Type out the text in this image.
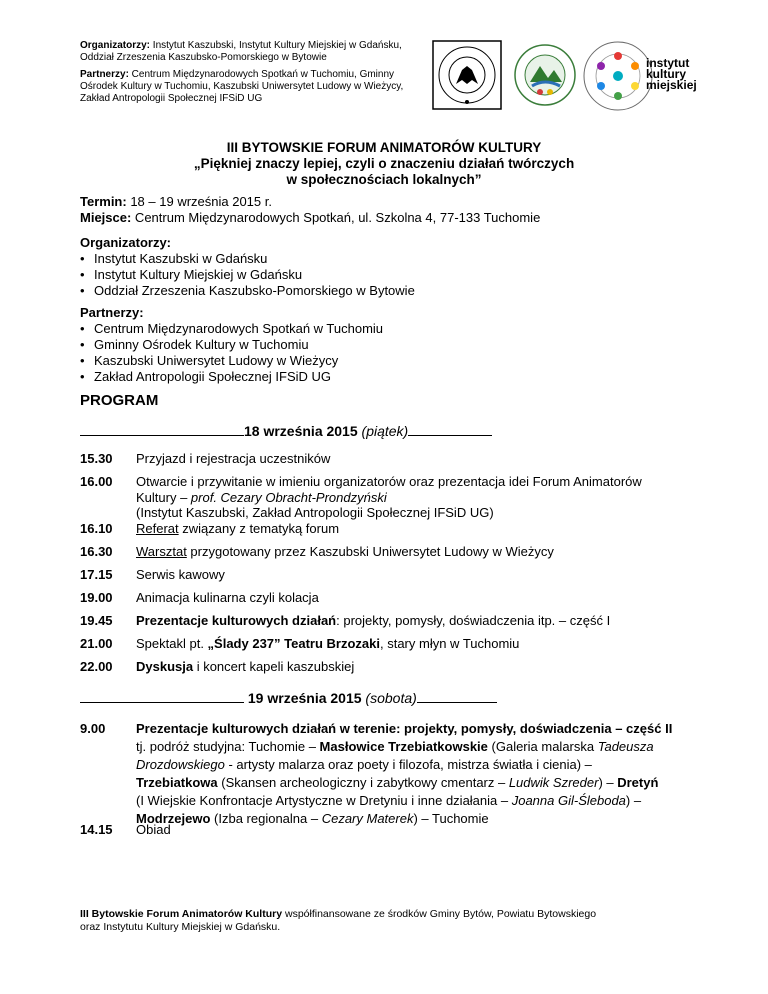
Organizatorzy: Instytut Kaszubski, Instytut Kultury Miejskiej w Gdańsku,
Oddział Zrzeszenia Kaszubsko-Pomorskiego w Bytowie
Partnerzy: Centrum Międzynarodowych Spotkań w Tuchomiu, Gminny
Ośrodek Kultury w Tuchomiu, Kaszubski Uniwersytet Ludowy w Wieżycy,
Zakład Antropologii Społecznej IFSiD UG
instytut
kultury
miejskiej
III BYTOWSKIE FORUM ANIMATORÓW KULTURY
„Piękniej znaczy lepiej, czyli o znaczeniu działań twórczych
w społecznościach lokalnych”
Termin: 18 – 19 września 2015 r.
Miejsce: Centrum Międzynarodowych Spotkań, ul. Szkolna 4, 77-133 Tuchomie
Organizatorzy:
• Instytut Kaszubski w Gdańsku
• Instytut Kultury Miejskiej w Gdańsku
• Oddział Zrzeszenia Kaszubsko-Pomorskiego w Bytowie
Partnerzy:
• Centrum Międzynarodowych Spotkań w Tuchomiu
• Gminny Ośrodek Kultury w Tuchomiu
• Kaszubski Uniwersytet Ludowy w Wieżycy
• Zakład Antropologii Społecznej IFSiD UG
PROGRAM
18 września 2015 (piątek)
15.30	Przyjazd i rejestracja uczestników
16.00	Otwarcie i przywitanie w imieniu organizatorów oraz prezentacja idei Forum Animatorów
Kultury – prof. Cezary Obracht-Prondzyński
(Instytut Kaszubski, Zakład Antropologii Społecznej IFSiD UG)
16.10	Referat związany z tematyką forum
16.30	Warsztat przygotowany przez Kaszubski Uniwersytet Ludowy w Wieżycy
17.15	Serwis kawowy
19.00	Animacja kulinarna czyli kolacja
19.45	Prezentacje kulturowych działań: projekty, pomysły, doświadczenia itp. – część I
21.00	Spektakl pt. „Ślady 237” Teatru Brzozaki, stary młyn w Tuchomiu
22.00	Dyskusja i koncert kapeli kaszubskiej
19 września 2015 (sobota)
9.00	Prezentacje kulturowych działań w terenie: projekty, pomysły, doświadczenia – część II
tj. podróż studyjna: Tuchomie – Masłowice Trzebiatkowskie (Galeria malarska Tadeusza
Drozdowskiego - artysty malarza oraz poety i filozofa, mistrza światła i cienia) –
Trzebiatkowa (Skansen archeologiczny i zabytkowy cmentarz – Ludwik Szreder) – Dretyń
(I Wiejskie Konfrontacje Artystyczne w Dretyniu i inne działania – Joanna Gil-Śleboda) –
Modrzejewo (Izba regionalna – Cezary Materek) – Tuchomie
14.15	Obiad
III Bytowskie Forum Animatorów Kultury współfinansowane ze środków Gminy Bytów, Powiatu Bytowskiego
oraz Instytutu Kultury Miejskiej w Gdańsku.
